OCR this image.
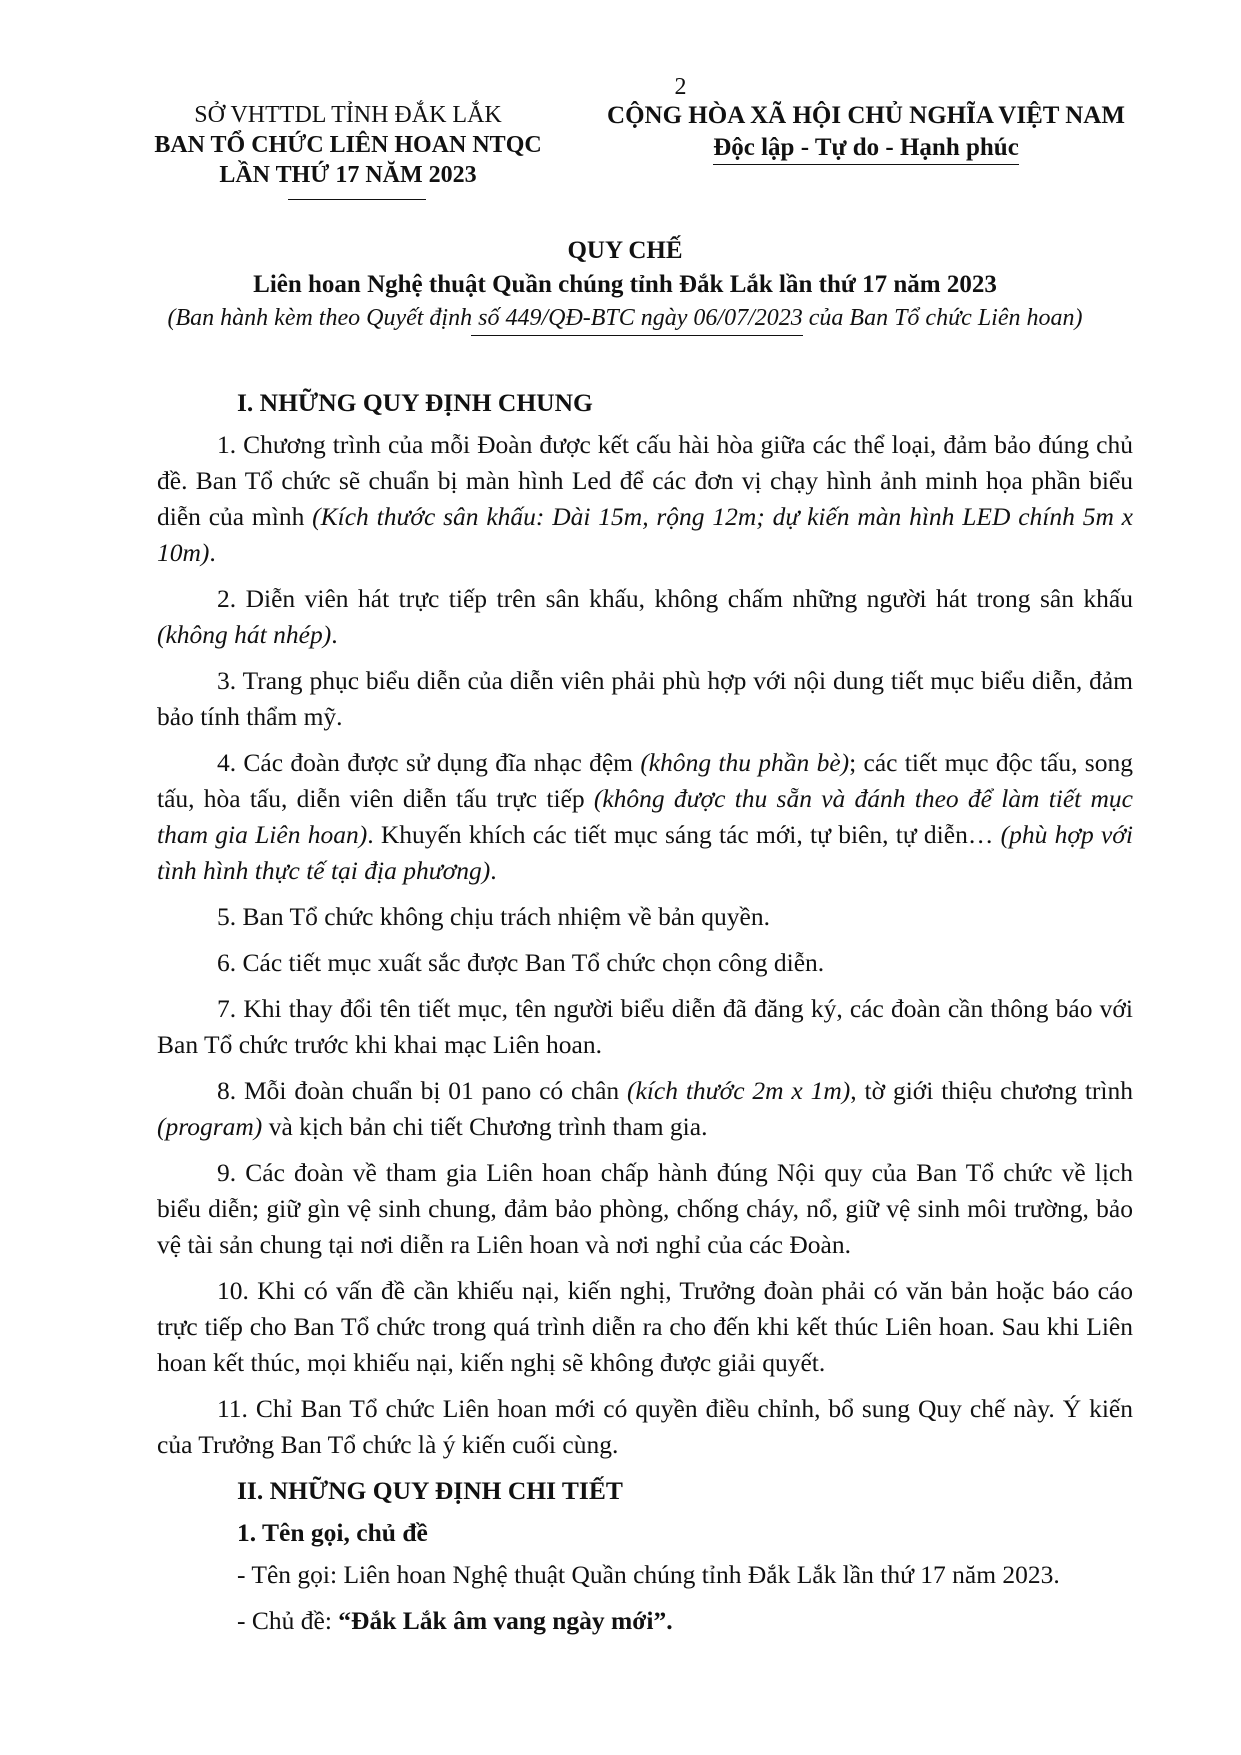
2
SỞ VHTTDL TỈNH ĐẮK LẮK
BAN TỔ CHỨC LIÊN HOAN NTQC
LẦN THỨ 17 NĂM 2023
CỘNG HÒA XÃ HỘI CHỦ NGHĨA VIỆT NAM
Độc lập - Tự do - Hạnh phúc
QUY CHẾ
Liên hoan Nghệ thuật Quần chúng tỉnh Đắk Lắk lần thứ 17 năm 2023
(Ban hành kèm theo Quyết định số 449/QĐ-BTC ngày 06/07/2023 của Ban Tổ chức Liên hoan)
I. NHỮNG QUY ĐỊNH CHUNG

1. Chương trình của mỗi Đoàn được kết cấu hài hòa giữa các thể loại, đảm bảo đúng chủ đề. Ban Tổ chức sẽ chuẩn bị màn hình Led để các đơn vị chạy hình ảnh minh họa phần biểu diễn của mình (Kích thước sân khấu: Dài 15m, rộng 12m; dự kiến màn hình LED chính 5m x 10m).

2. Diễn viên hát trực tiếp trên sân khấu, không chấm những người hát trong sân khấu (không hát nhép).

3. Trang phục biểu diễn của diễn viên phải phù hợp với nội dung tiết mục biểu diễn, đảm bảo tính thẩm mỹ.

4. Các đoàn được sử dụng đĩa nhạc đệm (không thu phần bè); các tiết mục độc tấu, song tấu, hòa tấu, diễn viên diễn tấu trực tiếp (không được thu sẵn và đánh theo để làm tiết mục tham gia Liên hoan). Khuyến khích các tiết mục sáng tác mới, tự biên, tự diễn… (phù hợp với tình hình thực tế tại địa phương).

5. Ban Tổ chức không chịu trách nhiệm về bản quyền.

6. Các tiết mục xuất sắc được Ban Tổ chức chọn công diễn.

7. Khi thay đổi tên tiết mục, tên người biểu diễn đã đăng ký, các đoàn cần thông báo với Ban Tổ chức trước khi khai mạc Liên hoan.

8. Mỗi đoàn chuẩn bị 01 pano có chân (kích thước 2m x 1m), tờ giới thiệu chương trình (program) và kịch bản chi tiết Chương trình tham gia.

9. Các đoàn về tham gia Liên hoan chấp hành đúng Nội quy của Ban Tổ chức về lịch biểu diễn; giữ gìn vệ sinh chung, đảm bảo phòng, chống cháy, nổ, giữ vệ sinh môi trường, bảo vệ tài sản chung tại nơi diễn ra Liên hoan và nơi nghỉ của các Đoàn.

10. Khi có vấn đề cần khiếu nại, kiến nghị, Trưởng đoàn phải có văn bản hoặc báo cáo trực tiếp cho Ban Tổ chức trong quá trình diễn ra cho đến khi kết thúc Liên hoan. Sau khi Liên hoan kết thúc, mọi khiếu nại, kiến nghị sẽ không được giải quyết.

11. Chỉ Ban Tổ chức Liên hoan mới có quyền điều chỉnh, bổ sung Quy chế này. Ý kiến của Trưởng Ban Tổ chức là ý kiến cuối cùng.

II. NHỮNG QUY ĐỊNH CHI TIẾT
1. Tên gọi, chủ đề

- Tên gọi: Liên hoan Nghệ thuật Quần chúng tỉnh Đắk Lắk lần thứ 17 năm 2023.

- Chủ đề: “Đắk Lắk âm vang ngày mới”.
